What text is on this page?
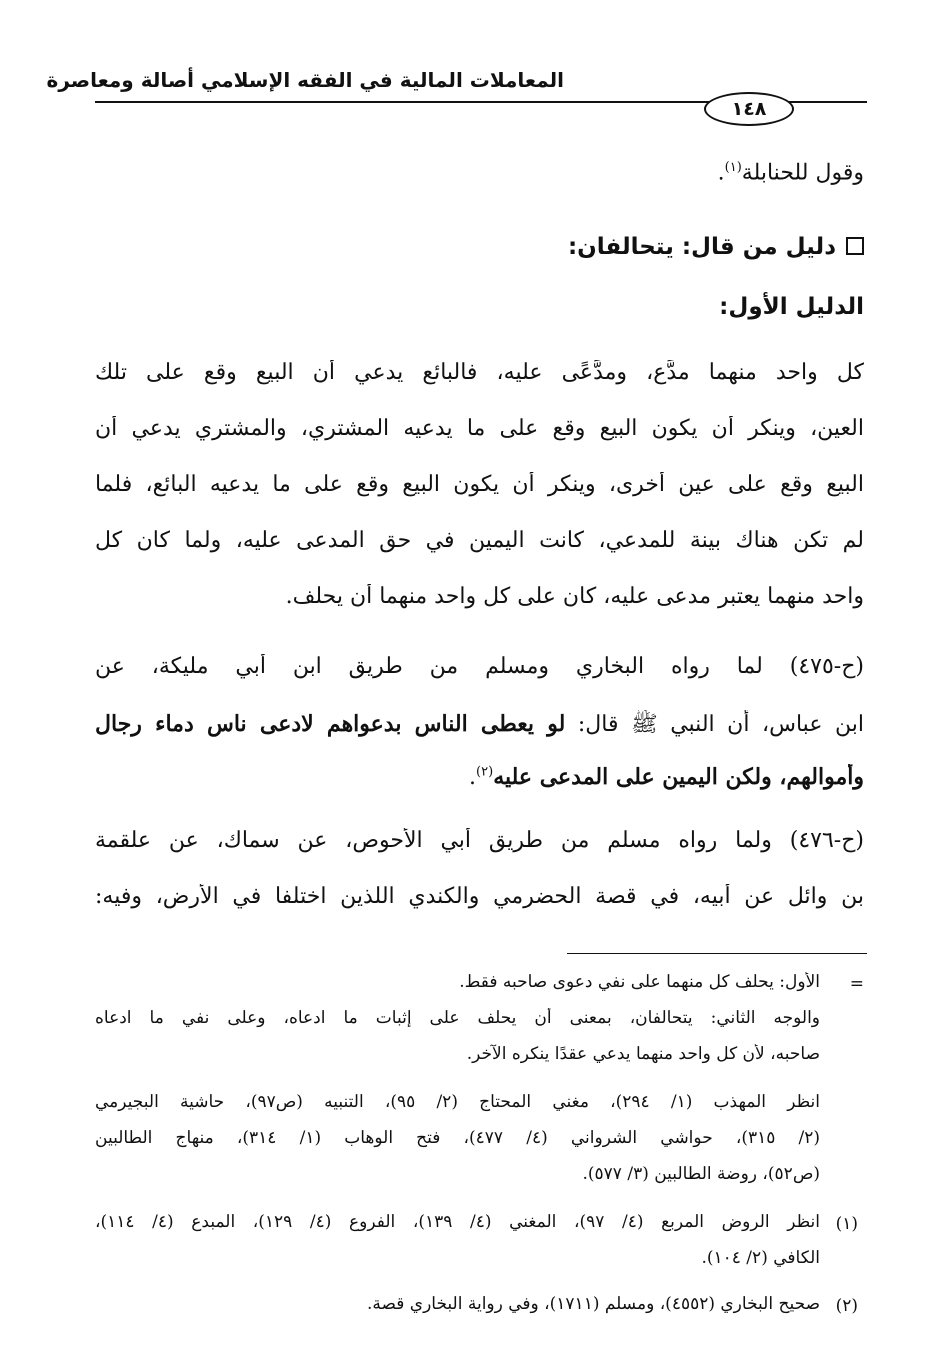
المعاملات المالية في الفقه الإسلامي أصالة ومعاصرة
١٤٨
وقول للحنابلة$^{(١)}$.
دليل من قال: يتحالفان:
الدليل الأول:
كل واحد منهما مدَّعٍ، ومدَّعًى عليه، فالبائع يدعي أن البيع وقع على تلك
العين، وينكر أن يكون البيع وقع على ما يدعيه المشتري، والمشتري يدعي أن
البيع وقع على عين أخرى، وينكر أن يكون البيع وقع على ما يدعيه البائع، فلما
لم تكن هناك بينة للمدعي، كانت اليمين في حق المدعى عليه، ولما كان كل
واحد منهما يعتبر مدعى عليه، كان على كل واحد منهما أن يحلف.
(ح-٤٧٥) لما رواه البخاري ومسلم من طريق ابن أبي مليكة، عن
ابن عباس، أن النبي ﷺ قال: لو يعطى الناس بدعواهم لادعى ناس دماء رجال
وأموالهم، ولكن اليمين على المدعى عليه$^{(٢)}$.
(ح-٤٧٦) ولما رواه مسلم من طريق أبي الأحوص، عن سماك، عن علقمة
بن وائل عن أبيه، في قصة الحضرمي والكندي اللذين اختلفا في الأرض، وفيه:
=
الأول: يحلف كل منهما على نفي دعوى صاحبه فقط.
والوجه الثاني: يتحالفان، بمعنى أن يحلف على إثبات ما ادعاه، وعلى نفي ما ادعاه
صاحبه، لأن كل واحد منهما يدعي عقدًا ينكره الآخر.
انظر المهذب (١/ ٢٩٤)، مغني المحتاج (٢/ ٩٥)، التنبيه (ص٩٧)، حاشية البجيرمي
(٢/ ٣١٥)، حواشي الشرواني (٤/ ٤٧٧)، فتح الوهاب (١/ ٣١٤)، منهاج الطالبين
(ص٥٢)، روضة الطالبين (٣/ ٥٧٧).
(١)
انظر الروض المربع (٤/ ٩٧)، المغني (٤/ ١٣٩)، الفروع (٤/ ١٢٩)، المبدع (٤/ ١١٤)،
الكافي (٢/ ١٠٤).
(٢)
صحيح البخاري (٤٥٥٢)، ومسلم (١٧١١)، وفي رواية البخاري قصة.
